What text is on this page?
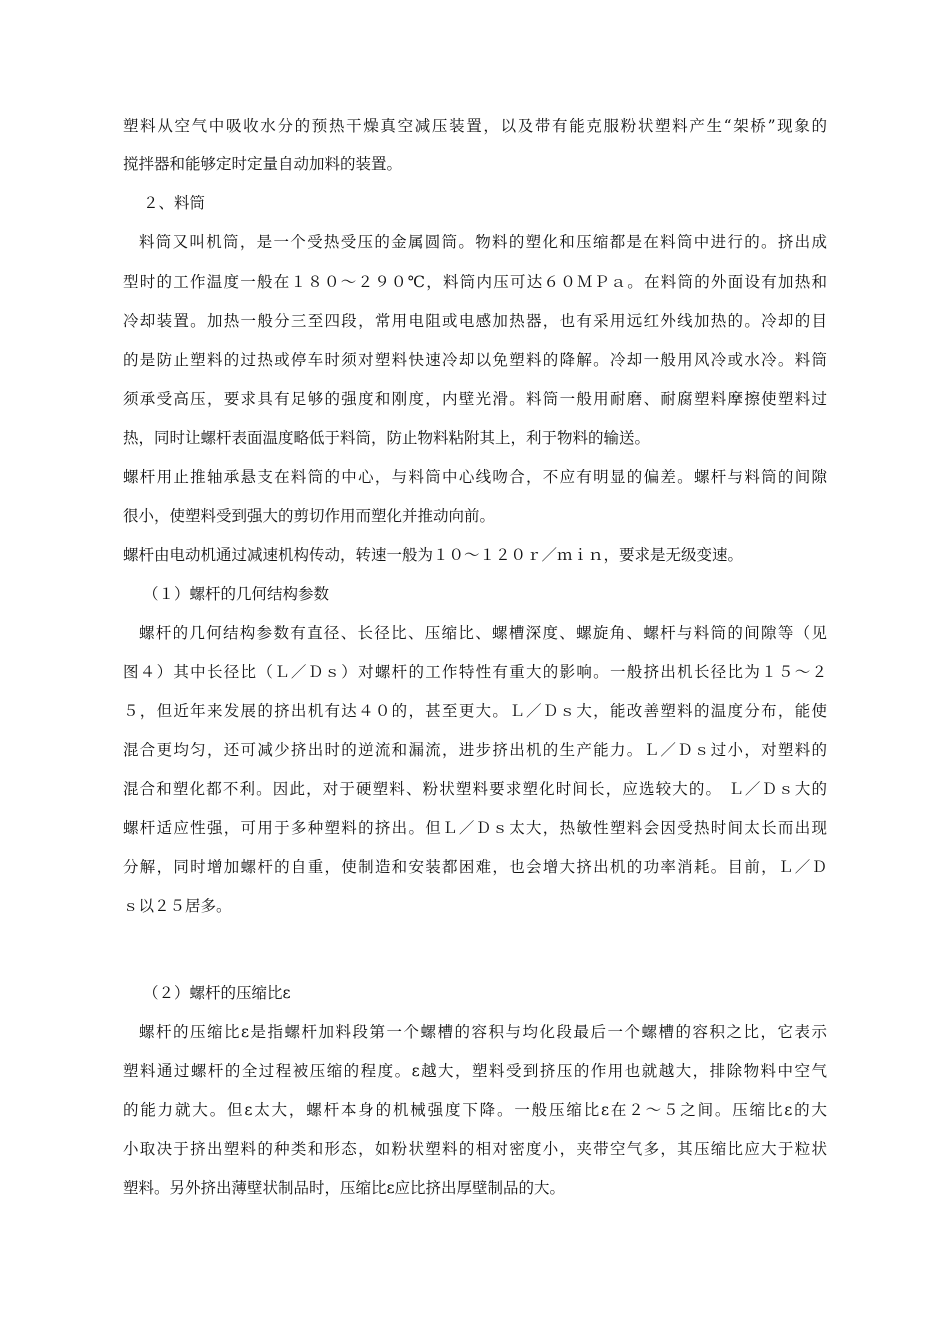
塑料从空气中吸收水分的预热干燥真空减压装置，以及带有能克服粉状塑料产生“架桥”现象的
搅拌器和能够定时定量自动加料的装置。
２、料筒
料筒又叫机筒，是一个受热受压的金属圆筒。物料的塑化和压缩都是在料筒中进行的。挤出成
型时的工作温度一般在１８０～２９０℃，料筒内压可达６０ＭＰａ。在料筒的外面设有加热和
冷却装置。加热一般分三至四段，常用电阻或电感加热器，也有采用远红外线加热的。冷却的目
的是防止塑料的过热或停车时须对塑料快速冷却以免塑料的降解。冷却一般用风冷或水冷。料筒
须承受高压，要求具有足够的强度和刚度，内壁光滑。料筒一般用耐磨、耐腐塑料摩擦使塑料过
热，同时让螺杆表面温度略低于料筒，防止物料粘附其上，利于物料的输送。
螺杆用止推轴承悬支在料筒的中心，与料筒中心线吻合，不应有明显的偏差。螺杆与料筒的间隙
很小，使塑料受到强大的剪切作用而塑化并推动向前。
螺杆由电动机通过减速机构传动，转速一般为１０～１２０ｒ／ｍｉｎ，要求是无级变速。
（１）螺杆的几何结构参数
螺杆的几何结构参数有直径、长径比、压缩比、螺槽深度、螺旋角、螺杆与料筒的间隙等（见
图４）其中长径比（Ｌ／Ｄｓ）对螺杆的工作特性有重大的影响。一般挤出机长径比为１５～２
５，但近年来发展的挤出机有达４０的，甚至更大。Ｌ／Ｄｓ大，能改善塑料的温度分布，能使
混合更均匀，还可减少挤出时的逆流和漏流，进步挤出机的生产能力。Ｌ／Ｄｓ过小，对塑料的
混合和塑化都不利。因此，对于硬塑料、粉状塑料要求塑化时间长，应选较大的。 Ｌ／Ｄｓ大的
螺杆适应性强，可用于多种塑料的挤出。但Ｌ／Ｄｓ太大，热敏性塑料会因受热时间太长而出现
分解，同时增加螺杆的自重，使制造和安装都困难，也会增大挤出机的功率消耗。目前，Ｌ／Ｄ
ｓ以２５居多。
（２）螺杆的压缩比ε
螺杆的压缩比ε是指螺杆加料段第一个螺槽的容积与均化段最后一个螺槽的容积之比，它表示
塑料通过螺杆的全过程被压缩的程度。ε越大，塑料受到挤压的作用也就越大，排除物料中空气
的能力就大。但ε太大，螺杆本身的机械强度下降。一般压缩比ε在２～５之间。压缩比ε的大
小取决于挤出塑料的种类和形态，如粉状塑料的相对密度小，夹带空气多，其压缩比应大于粒状
塑料。另外挤出薄壁状制品时，压缩比ε应比挤出厚壁制品的大。
